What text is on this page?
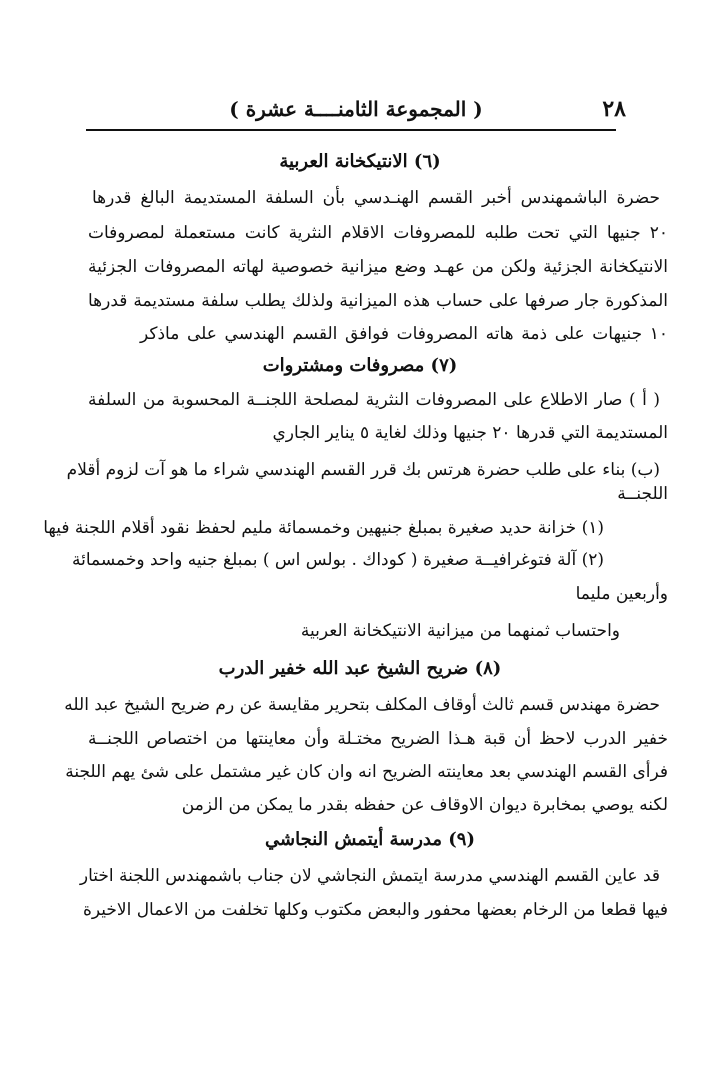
٢٨
( المجموعة الثامنــــة عشرة )
(٦) الانتيكخانة العربية
حضرة الباشمهندس أخبر القسم الهنـدسي بأن السلفة المستديمة البالغ قدرها
٢٠ جنيها التي تحت طلبه للمصروفات الاقلام النثرية كانت مستعملة لمصروفات
الانتيكخانة الجزئية ولكن من عهـد وضع ميزانية خصوصية لهاته المصروفات الجزئية
المذكورة جار صرفها على حساب هذه الميزانية ولذلك يطلب سلفة مستديمة قدرها
١٠ جنيهات على ذمة هاته المصروفات فوافق القسم الهندسي على ماذكر
(٧) مصروفات ومشتروات
( أ ) صار الاطلاع على المصروفات النثرية لمصلحة اللجنــة المحسوبة من السلفة
المستديمة التي قدرها ٢٠ جنيها وذلك لغاية ٥ يناير الجاري
(ب) بناء على طلب حضرة هرتس بك قرر القسم الهندسي شراء ما هو آت لزوم أقلام
اللجنــة
(١) خزانة حديد صغيرة بمبلغ جنيهين وخمسمائة مليم لحفظ نقود أقلام اللجنة فيها
(٢) آلة فتوغرافيــة صغيرة ( كوداك . بولس اس ) بمبلغ جنيه واحد وخمسمائة
وأربعين مليما
واحتساب ثمنهما من ميزانية الانتيكخانة العربية
(٨) ضريح الشيخ عبد الله خفير الدرب
حضرة مهندس قسم ثالث أوقاف المكلف بتحرير مقايسة عن رم ضريح الشيخ عبد الله
خفير الدرب لاحظ أن قبة هـذا الضريح مختـلة وأن معاينتها من اختصاص اللجنــة
فرأى القسم الهندسي بعد معاينته الضريح انه وان كان غير مشتمل على شئ يهم اللجنة
لكنه يوصي بمخابرة ديوان الاوقاف عن حفظه بقدر ما يمكن من الزمن
(٩) مدرسة أيتمش النجاشي
قد عاين القسم الهندسي مدرسة ايتمش النجاشي لان جناب باشمهندس اللجنة اختار
فيها قطعا من الرخام بعضها محفور والبعض مكتوب وكلها تخلفت من الاعمال الاخيرة
